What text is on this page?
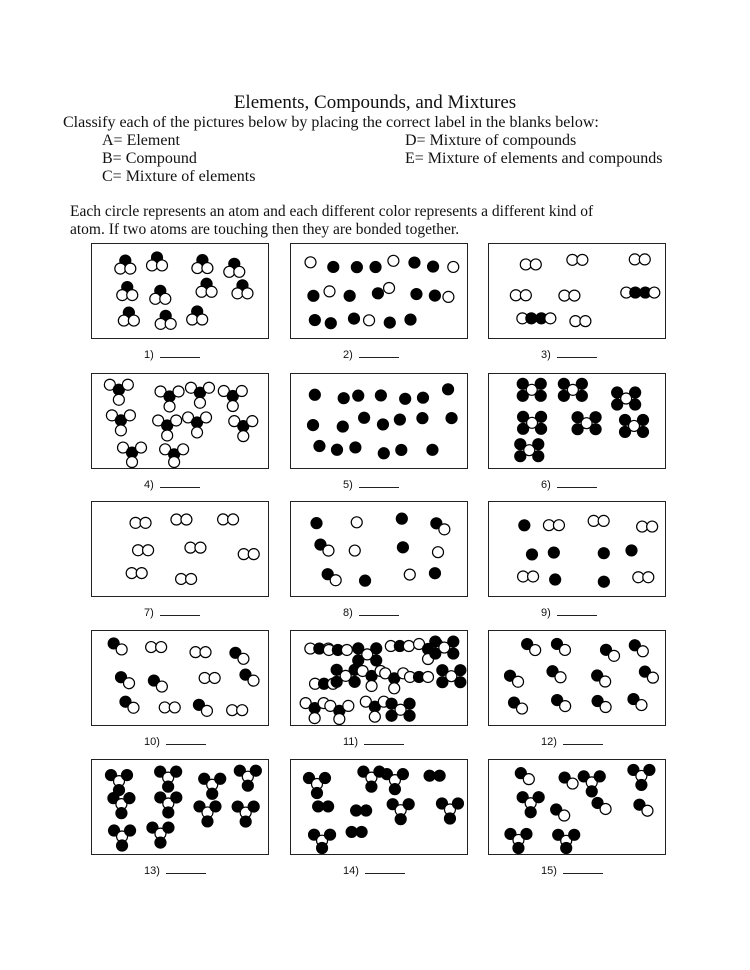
Elements, Compounds, and Mixtures
Classify each of the pictures below by placing the correct label in the blanks below:
A= Element
B= Compound
C= Mixture of elements
D= Mixture of compounds
E= Mixture of elements and compounds
Each circle represents an atom and each different color represents a different kind of
atom. If two atoms are touching then they are bonded together.
1)	2)	3)
4)	5)	6)
7)	8)	9)
10)	11)	12)
13)	14)	15)
